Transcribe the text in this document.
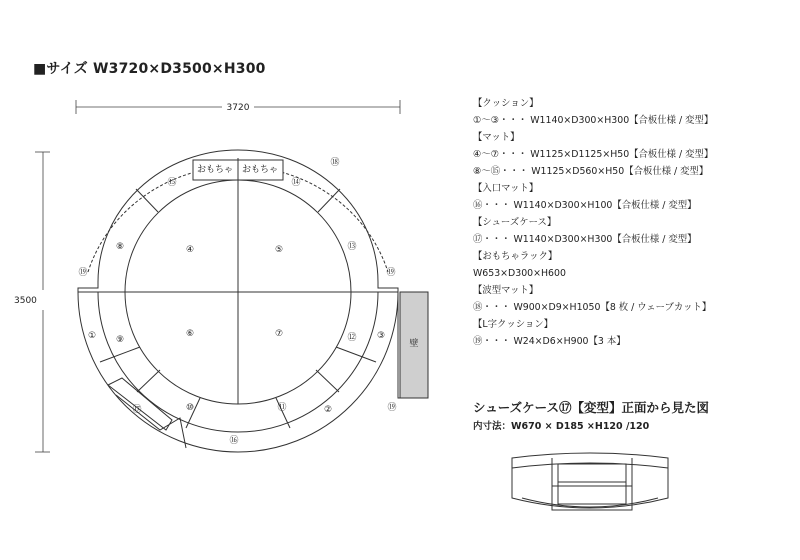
■サイズ W3720×D3500×H300
3720
3500
おもちゃ おもちゃ
壁
⑱
⑮	⑭
⑧	⑬
④	⑤
⑲	⑲
① ⑨
⑥	⑦	⑫ ③
⑰	⑩	⑪	②	⑲
⑯
【クッション】
①～③・・・ W1140×D300×H300【合板仕様 / 変型】
【マット】
④～⑦・・・ W1125×D1125×H50【合板仕様 / 変型】
⑧～⑮・・・ W1125×D560×H50【合板仕様 / 変型】
【入口マット】
⑯・・・ W1140×D300×H100【合板仕様 / 変型】
【シューズケース】
⑰・・・ W1140×D300×H300【合板仕様 / 変型】
【おもちゃラック】
W653×D300×H600
【波型マット】
⑱・・・ W900×D9×H1050【8 枚 / ウェーブカット】
【L字クッション】
⑲・・・ W24×D6×H900【3 本】
シューズケース⑰【変型】正面から見た図
内寸法：W670 × D185 ×H120 /120
